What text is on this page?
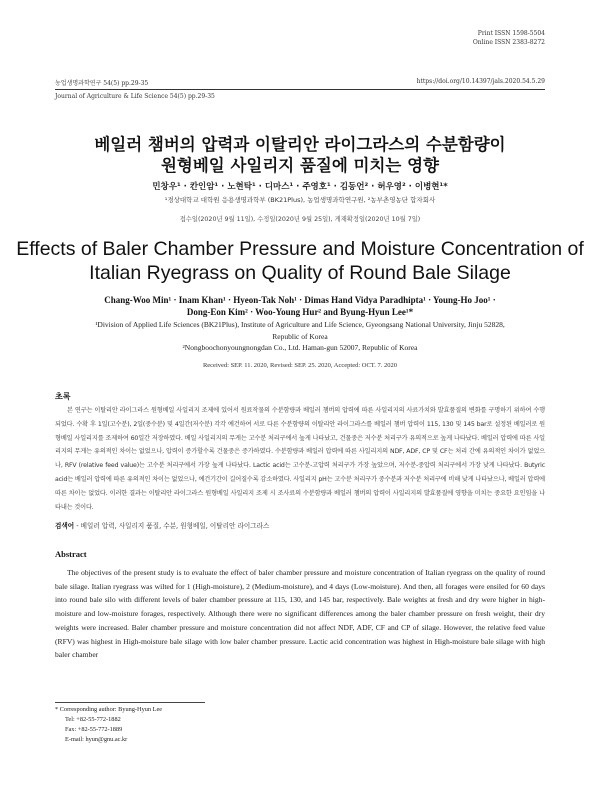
Print ISSN 1598-5504
Online ISSN 2383-8272
농업생명과학연구 54(5) pp.29-35	https://doi.org/10.14397/jals.2020.54.5.29
Journal of Agriculture & Life Science 54(5) pp.29-35
베일러 챔버의 압력과 이탈리안 라이그라스의 수분함량이
원형베일 사일리지 품질에 미치는 영향
민창우¹ · 칸인암¹ · 노현탁¹ · 디마스¹ · 주영호¹ · 김동언² · 허우영² · 이병현¹*
¹경상대학교 대학원 응용생명과학부 (BK21Plus), 농업생명과학연구원, ²농부촌영농단 합자회사
접수일(2020년 9월 11일), 수정일(2020년 9월 25일), 게재확정일(2020년 10월 7일)
Effects of Baler Chamber Pressure and Moisture Concentration of
Italian Ryegrass on Quality of Round Bale Silage
Chang-Woo Min¹ · Inam Khan¹ · Hyeon-Tak Noh¹ · Dimas Hand Vidya Paradhipta¹ · Young-Ho Joo¹ ·
Dong-Eon Kim² · Woo-Young Hur² and Byung-Hyun Lee¹*
¹Division of Applied Life Sciences (BK21Plus), Institute of Agriculture and Life Science, Gyeongsang National University, Jinju 52828,
Republic of Korea
²Nongboochonyoungnongdan Co., Ltd. Haman-gun 52007, Republic of Korea
Received: SEP. 11. 2020, Revised: SEP. 25. 2020, Accepted: OCT. 7. 2020
초록
본 연구는 이탈리안 라이그라스 원형베일 사일리지 조제에 있어서 원료작물의 수분함량과 베일러 챔버의 압력에 따른 사일리지의 사료가치와 발효품질의 변화를 구명하기 위하여 수행되었다. 수확 후 1일(고수분), 2일(중수분) 및 4일간(저수분) 각각 예건하여 서로 다른 수분함량의 이탈리안 라이그라스를 베일러 챔버 압력이 115, 130 및 145 bar로 설정된 베일러로 원형베일 사일리지를 조제하여 60일간 저장하였다. 베일 사일리지의 무게는 고수분 처리구에서 높게 나타났고, 건물중은 저수분 처리구가 유의적으로 높게 나타났다. 베일러 압력에 따른 사일리지의 무게는 유의적인 차이는 없었으나, 압력이 증가할수록 건물중은 증가하였다. 수분함량과 베일러 압력에 따른 사일리지의 NDF, ADF, CP 및 CF는 처리 간에 유의적인 차이가 없었으나, RFV (relative feed value)는 고수분 처리구에서 가장 높게 나타났다. Lactic acid는 고수분-고압력 처리구가 가장 높았으며, 저수분-중압력 처리구에서 가장 낮게 나타났다. Butyric acid는 베일러 압력에 따른 유의적인 차이는 없었으나, 예건기간이 길어질수록 감소하였다. 사일리지 pH는 고수분 처리구가 중수분과 저수분 처리구에 비해 낮게 나타났으나, 베일러 압력에 따른 차이는 없었다. 이러한 결과는 이탈리안 라이그라스 원형베일 사일리지 조제 시 조사료의 수분함량과 베일러 챔버의 압력이 사일리지의 발효품질에 영향을 미치는 중요한 요인임을 나타내는 것이다.
검색어 - 베일러 압력, 사일리지 품질, 수분, 원형베일, 이탈리안 라이그라스
Abstract
The objectives of the present study is to evaluate the effect of baler chamber pressure and moisture concentration of Italian ryegrass on the quality of round bale silage. Italian ryegrass was wilted for 1 (High-moisture), 2 (Medium-moisture), and 4 days (Low-moisture). And then, all forages were ensiled for 60 days into round bale silo with different levels of baler chamber pressure at 115, 130, and 145 bar, respectively. Bale weights at fresh and dry were higher in high-moisture and low-moisture forages, respectively. Although there were no significant differences among the baler chamber pressure on fresh weight, their dry weights were increased. Baler chamber pressure and moisture concentration did not affect NDF, ADF, CF and CP of silage. However, the relative feed value (RFV) was highest in High-moisture bale silage with low baler chamber pressure. Lactic acid concentration was highest in High-moisture bale silage with high baler chamber
* Corresponding author: Byung-Hyun Lee
Tel: +82-55-772-1882
Fax: +82-55-772-1889
E-mail: hyun@gnu.ac.kr
